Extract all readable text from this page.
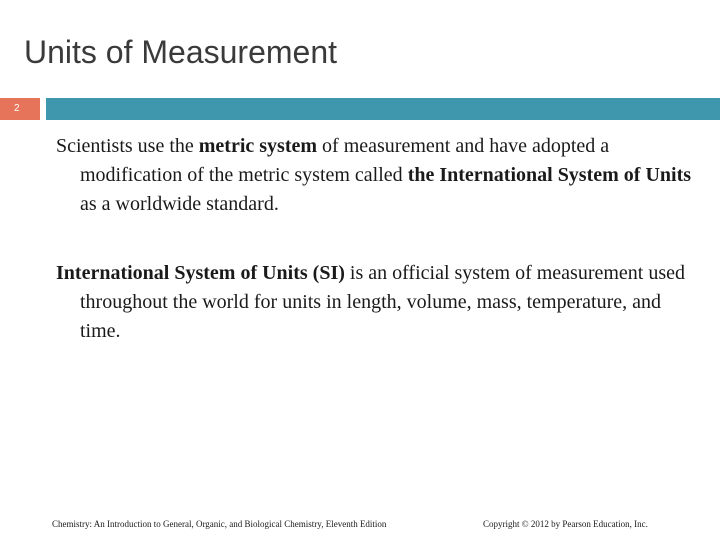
Units of Measurement
2

Scientists use the metric system of measurement and have adopted a modification of the metric system called the International System of Units as a worldwide standard.

International System of Units (SI) is an official system of measurement used throughout the world for units in length, volume, mass, temperature, and time.

Chemistry: An Introduction to General, Organic, and Biological Chemistry, Eleventh Edition	Copyright © 2012 by Pearson Education, Inc.
